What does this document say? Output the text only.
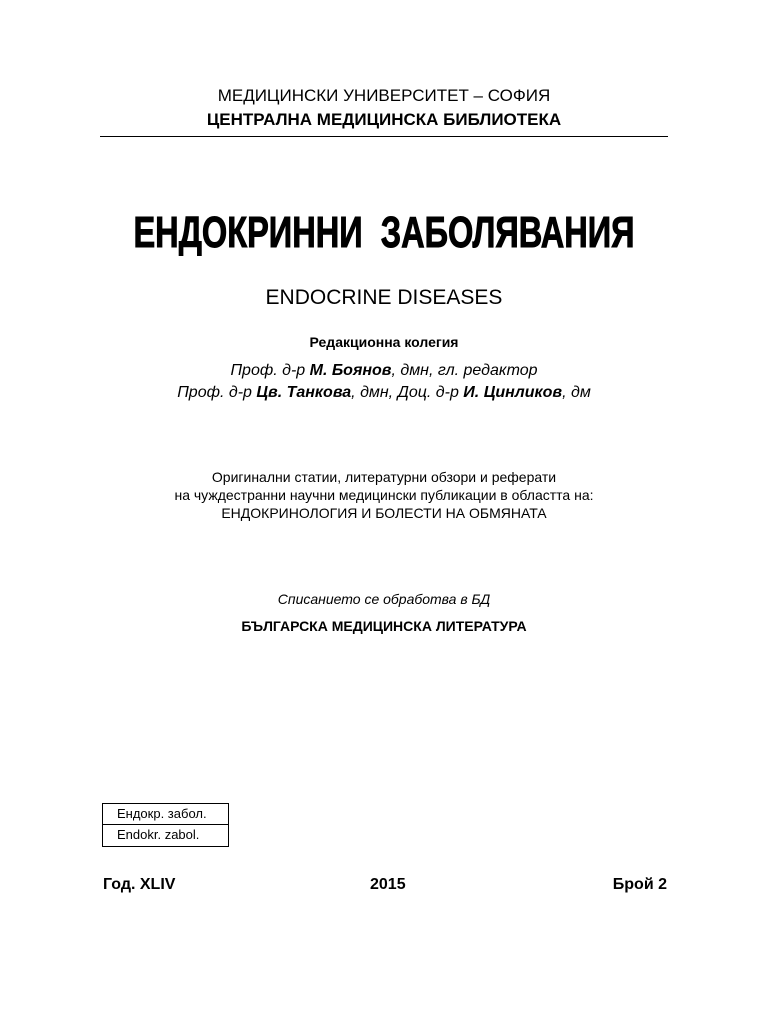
МЕДИЦИНСКИ УНИВЕРСИТЕТ – СОФИЯ
ЦЕНТРАЛНА МЕДИЦИНСКА БИБЛИОТЕКА
ЕНДОКРИННИ  ЗАБОЛЯВАНИЯ
ENDOCRINE DISEASES
Редакционна колегия
Проф. д-р М. Боянов, дмн, гл. редактор
Проф. д-р Цв. Танкова, дмн, Доц. д-р И. Цинликов, дм
Оригинални статии, литературни обзори и реферати
на чуждестранни научни медицински публикации в областта на:
ЕНДОКРИНОЛОГИЯ И БОЛЕСТИ НА ОБМЯНАТА
Списанието се обработва в БД
БЪЛГАРСКА МЕДИЦИНСКА ЛИТЕРАТУРА
Ендокр. забол.
Endokr. zabol.
Год. XLIV	2015	Брой 2
